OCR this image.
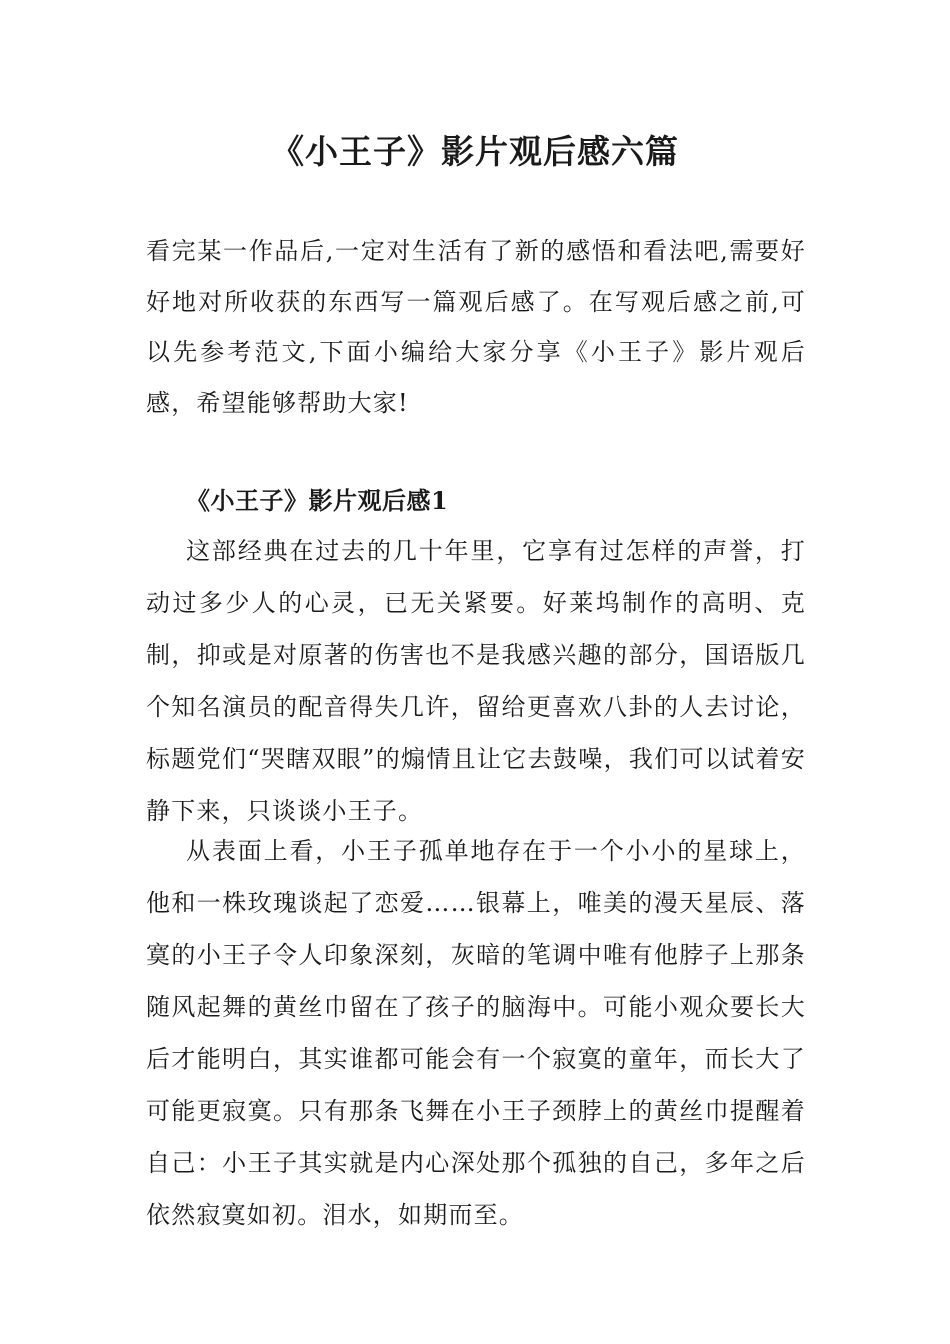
《小王子》影片观后感六篇

看完某一作品后,一定对生活有了新的感悟和看法吧,需要好好地对所收获的东西写一篇观后感了。在写观后感之前,可以先参考范文,下面小编给大家分享《小王子》影片观后感，希望能够帮助大家!

《小王子》影片观后感1

这部经典在过去的几十年里，它享有过怎样的声誉，打动过多少人的心灵，已无关紧要。好莱坞制作的高明、克制，抑或是对原著的伤害也不是我感兴趣的部分，国语版几个知名演员的配音得失几许，留给更喜欢八卦的人去讨论，标题党们“哭瞎双眼”的煽情且让它去鼓噪，我们可以试着安静下来，只谈谈小王子。

从表面上看，小王子孤单地存在于一个小小的星球上，他和一株玫瑰谈起了恋爱……银幕上，唯美的漫天星辰、落寞的小王子令人印象深刻，灰暗的笔调中唯有他脖子上那条随风起舞的黄丝巾留在了孩子的脑海中。可能小观众要长大后才能明白，其实谁都可能会有一个寂寞的童年，而长大了可能更寂寞。只有那条飞舞在小王子颈脖上的黄丝巾提醒着自己：小王子其实就是内心深处那个孤独的自己，多年之后依然寂寞如初。泪水，如期而至。
